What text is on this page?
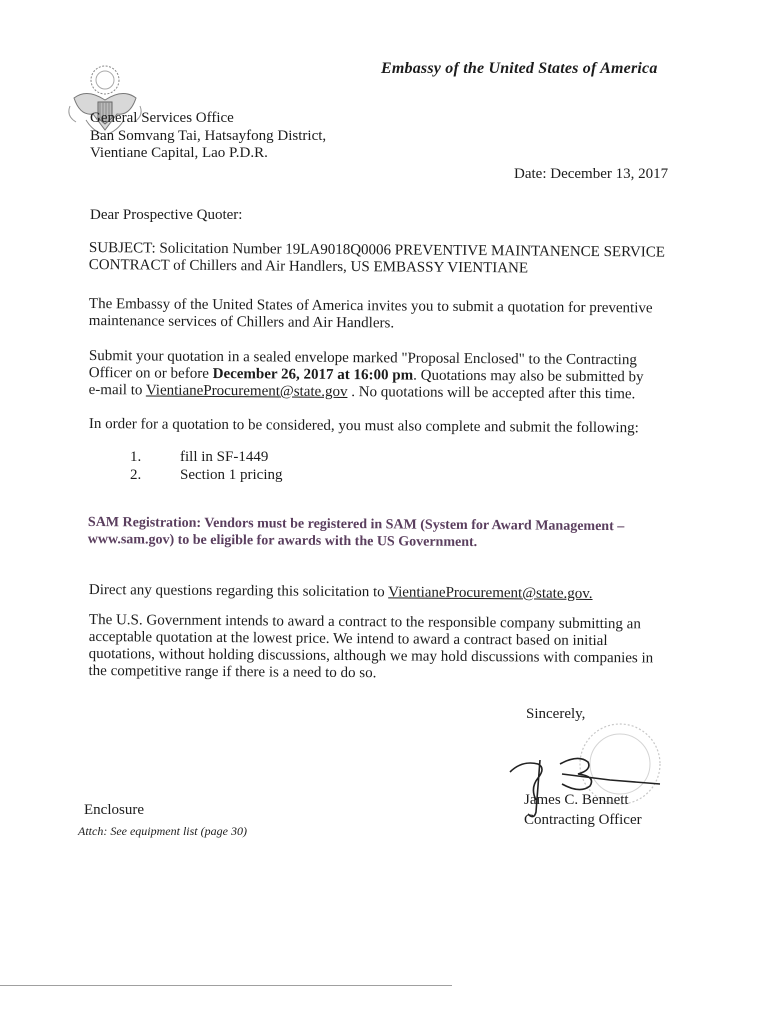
Embassy of the United States of America
General Services Office
Ban Somvang Tai, Hatsayfong District,
Vientiane Capital, Lao P.D.R.
Date: December 13, 2017
Dear Prospective Quoter:
SUBJECT: Solicitation Number 19LA9018Q0006 PREVENTIVE MAINTANENCE SERVICE
CONTRACT of Chillers and Air Handlers, US EMBASSY VIENTIANE
The Embassy of the United States of America invites you to submit a quotation for preventive
maintenance services of Chillers and Air Handlers.
Submit your quotation in a sealed envelope marked "Proposal Enclosed" to the Contracting
Officer on or before December 26, 2017 at 16:00 pm. Quotations may also be submitted by
e-mail to VientianeProcurement@state.gov . No quotations will be accepted after this time.
In order for a quotation to be considered, you must also complete and submit the following:
1.	fill in SF-1449
2.	Section 1 pricing
SAM Registration: Vendors must be registered in SAM (System for Award Management –
www.sam.gov) to be eligible for awards with the US Government.
Direct any questions regarding this solicitation to VientianeProcurement@state.gov.
The U.S. Government intends to award a contract to the responsible company submitting an
acceptable quotation at the lowest price. We intend to award a contract based on initial
quotations, without holding discussions, although we may hold discussions with companies in
the competitive range if there is a need to do so.
Sincerely,
James C. Bennett
Contracting Officer
Enclosure
Attch: See equipment list (page 30)
